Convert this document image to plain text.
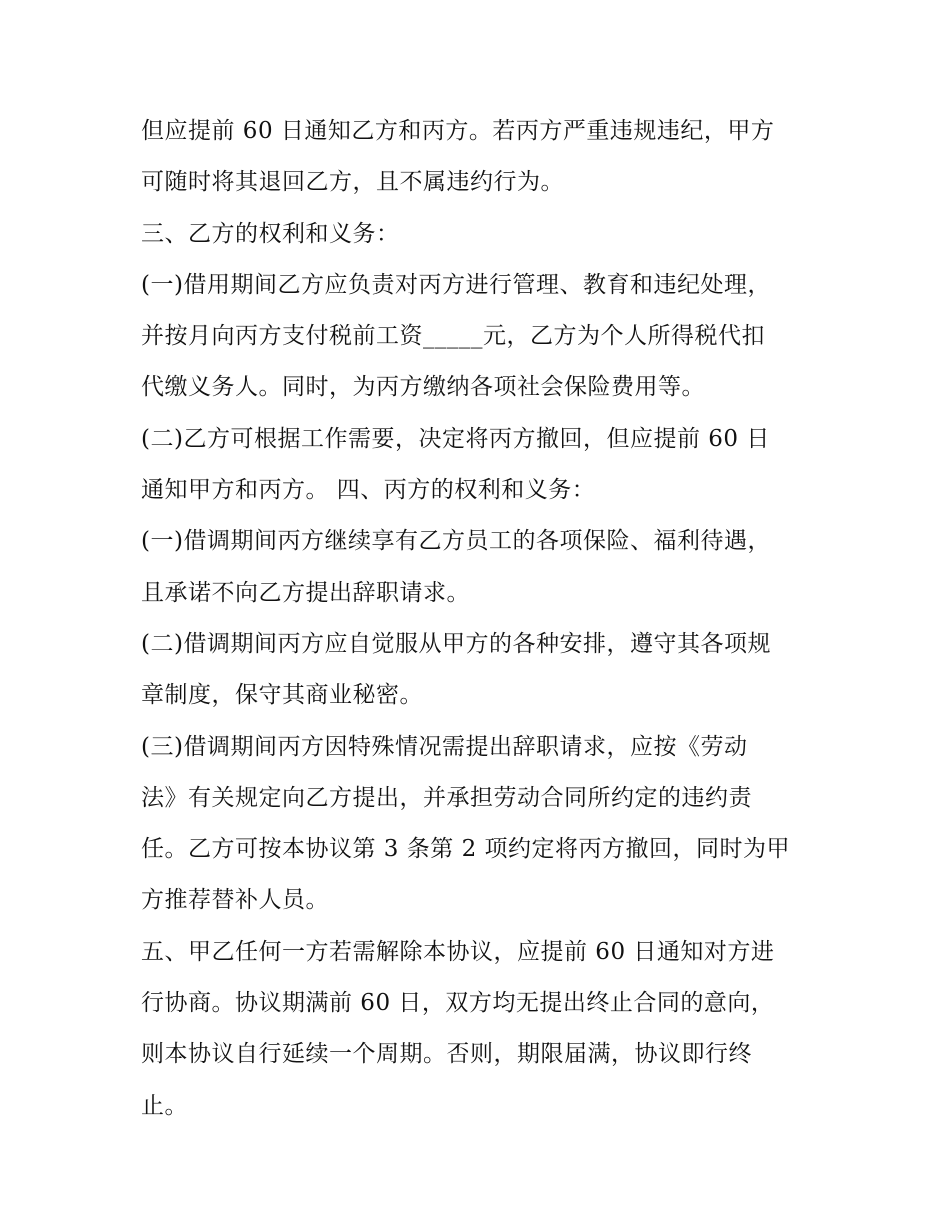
但应提前 60 日通知乙方和丙方。若丙方严重违规违纪，甲方
可随时将其退回乙方，且不属违约行为。
三、乙方的权利和义务：
(一)借用期间乙方应负责对丙方进行管理、教育和违纪处理，
并按月向丙方支付税前工资_____元，乙方为个人所得税代扣
代缴义务人。同时，为丙方缴纳各项社会保险费用等。
(二)乙方可根据工作需要，决定将丙方撤回，但应提前 60 日
通知甲方和丙方。 四、丙方的权利和义务：
(一)借调期间丙方继续享有乙方员工的各项保险、福利待遇，
且承诺不向乙方提出辞职请求。
(二)借调期间丙方应自觉服从甲方的各种安排，遵守其各项规
章制度，保守其商业秘密。
(三)借调期间丙方因特殊情况需提出辞职请求，应按《劳动
法》有关规定向乙方提出，并承担劳动合同所约定的违约责
任。乙方可按本协议第 3 条第 2 项约定将丙方撤回，同时为甲
方推荐替补人员。
五、甲乙任何一方若需解除本协议，应提前 60 日通知对方进
行协商。协议期满前 60 日，双方均无提出终止合同的意向，
则本协议自行延续一个周期。否则，期限届满，协议即行终
止。
